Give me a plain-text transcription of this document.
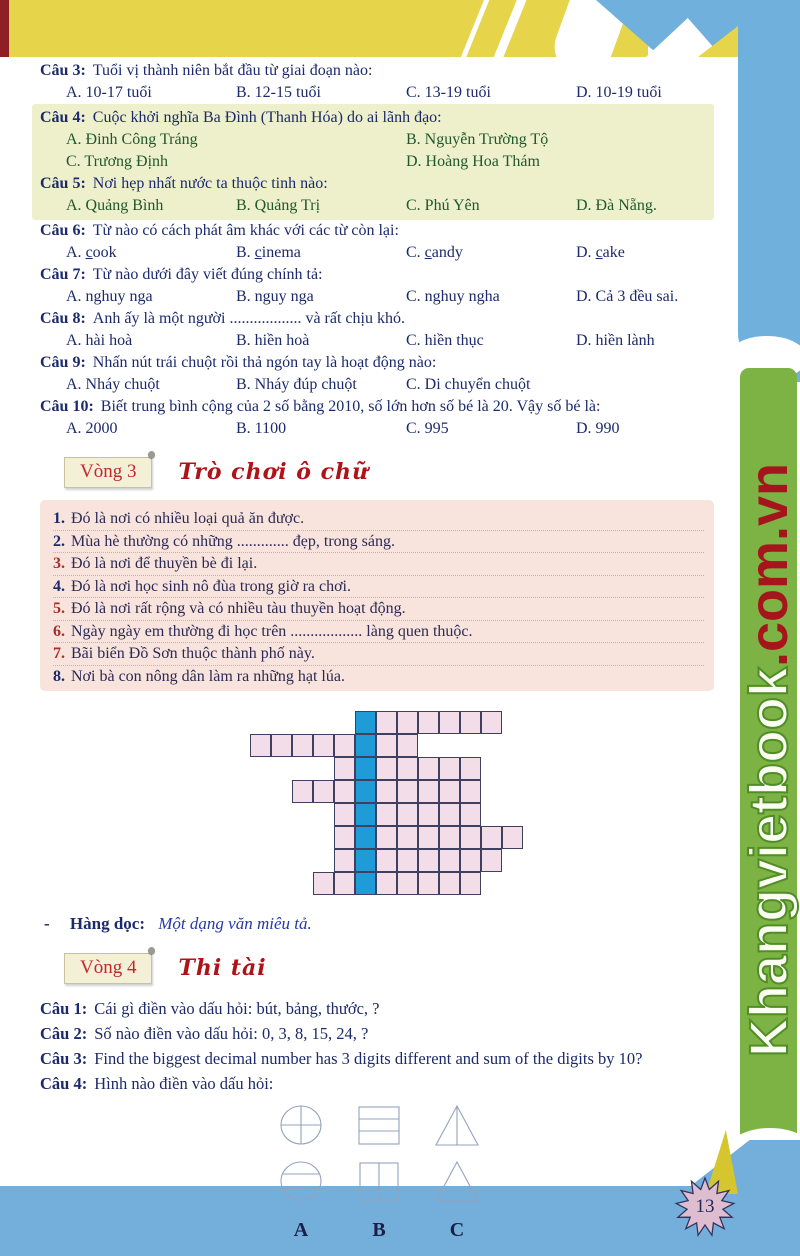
Khangvietbook.com.vn
13
Câu 3: Tuổi vị thành niên bắt đầu từ giai đoạn nào:
A. 10-17 tuổi	B. 12-15 tuổi	C. 13-19 tuổi	D. 10-19 tuổi
Câu 4: Cuộc khởi nghĩa Ba Đình (Thanh Hóa) do ai lãnh đạo:
A. Đinh Công Tráng	B. Nguyễn Trường Tộ
C. Trương Định	D. Hoàng Hoa Thám
Câu 5: Nơi hẹp nhất nước ta thuộc tinh nào:
A. Quảng Bình	B. Quảng Trị	C. Phú Yên	D. Đà Nẵng.
Câu 6: Từ nào có cách phát âm khác với các từ còn lại:
A. cook	B. cinema	C. candy	D. cake
Câu 7: Từ nào dưới đây viết đúng chính tả:
A. nghuy nga	B. nguy nga	C. nghuy ngha	D. Cả 3 đều sai.
Câu 8: Anh ấy là một người .................. và rất chịu khó.
A. hài hoà	B. hiền hoà	C. hiền thục	D. hiền lành
Câu 9: Nhấn nút trái chuột rồi thả ngón tay là hoạt động nào:
A. Nháy chuột	B. Nháy đúp chuột	C. Di chuyển chuột
Câu 10: Biết trung bình cộng của 2 số bằng 2010, số lớn hơn số bé là 20. Vậy số bé là:
A. 2000	B. 1100	C. 995	D. 990
Vòng 3	Trò chơi ô chữ
1. Đó là nơi có nhiều loại quả ăn được.
2. Mùa hè thường có những ............. đẹp, trong sáng.
3. Đó là nơi để thuyền bè đi lại.
4. Đó là nơi học sinh nô đùa trong giờ ra chơi.
5. Đó là nơi rất rộng và có nhiều tàu thuyền hoạt động.
6. Ngày ngày em thường đi học trên .................. làng quen thuộc.
7. Bãi biển Đồ Sơn thuộc thành phố này.
8. Nơi bà con nông dân làm ra những hạt lúa.
- Hàng dọc: Một dạng văn miêu tả.
Vòng 4	Thi tài
Câu 1: Cái gì điền vào dấu hỏi: bút, bảng, thước, ?
Câu 2: Số nào điền vào dấu hỏi: 0, 3, 8, 15, 24, ?
Câu 3: Find the biggest decimal number has 3 digits different and sum of the digits by 10?
Câu 4: Hình nào điền vào dấu hỏi:
A	B	C
